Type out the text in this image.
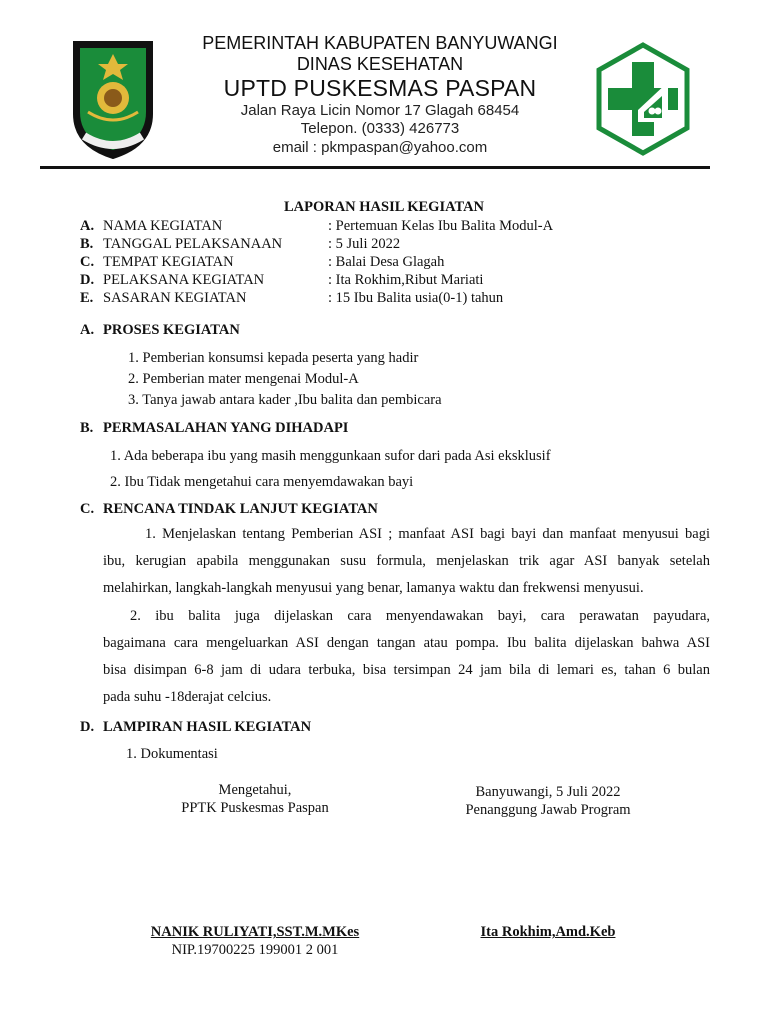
PEMERINTAH KABUPATEN BANYUWANGI
DINAS KESEHATAN
UPTD PUSKESMAS PASPAN
Jalan Raya Licin Nomor 17 Glagah 68454
Telepon. (0333) 426773
email : pkmpaspan@yahoo.com
LAPORAN HASIL KEGIATAN
A. NAMA KEGIATAN	: Pertemuan Kelas Ibu Balita Modul-A
B. TANGGAL PELAKSANAAN	: 5 Juli 2022
C. TEMPAT KEGIATAN	: Balai Desa Glagah
D. PELAKSANA KEGIATAN	: Ita Rokhim,Ribut Mariati
E. SASARAN KEGIATAN	: 15 Ibu Balita usia(0-1) tahun
A. PROSES KEGIATAN
1. Pemberian konsumsi kepada peserta yang hadir
2. Pemberian mater mengenai Modul-A
3. Tanya jawab antara kader ,Ibu balita dan pembicara
B. PERMASALAHAN YANG DIHADAPI
1. Ada beberapa ibu yang masih menggunkaan sufor dari pada Asi eksklusif
2. Ibu Tidak mengetahui cara menyemdawakan bayi
C. RENCANA TINDAK LANJUT KEGIATAN
1. Menjelaskan tentang Pemberian ASI ; manfaat ASI bagi bayi dan manfaat menyusui bagi
ibu, kerugian apabila menggunakan susu formula, menjelaskan trik agar ASI banyak setelah
melahirkan, langkah-langkah menyusui yang benar, lamanya waktu dan frekwensi menyusui.
2. ibu balita juga dijelaskan cara menyendawakan bayi, cara perawatan payudara,
bagaimana cara mengeluarkan ASI dengan tangan atau pompa. Ibu balita dijelaskan bahwa ASI
bisa disimpan 6-8 jam di udara terbuka, bisa tersimpan 24 jam bila di lemari es, tahan 6 bulan
pada suhu -18derajat celcius.
D. LAMPIRAN HASIL KEGIATAN
1. Dokumentasi
Mengetahui,
PPTK Puskesmas Paspan
NANIK RULIYATI,SST.M.MKes
NIP.19700225 199001 2 001
Banyuwangi, 5 Juli 2022
Penanggung Jawab Program
Ita Rokhim,Amd.Keb
